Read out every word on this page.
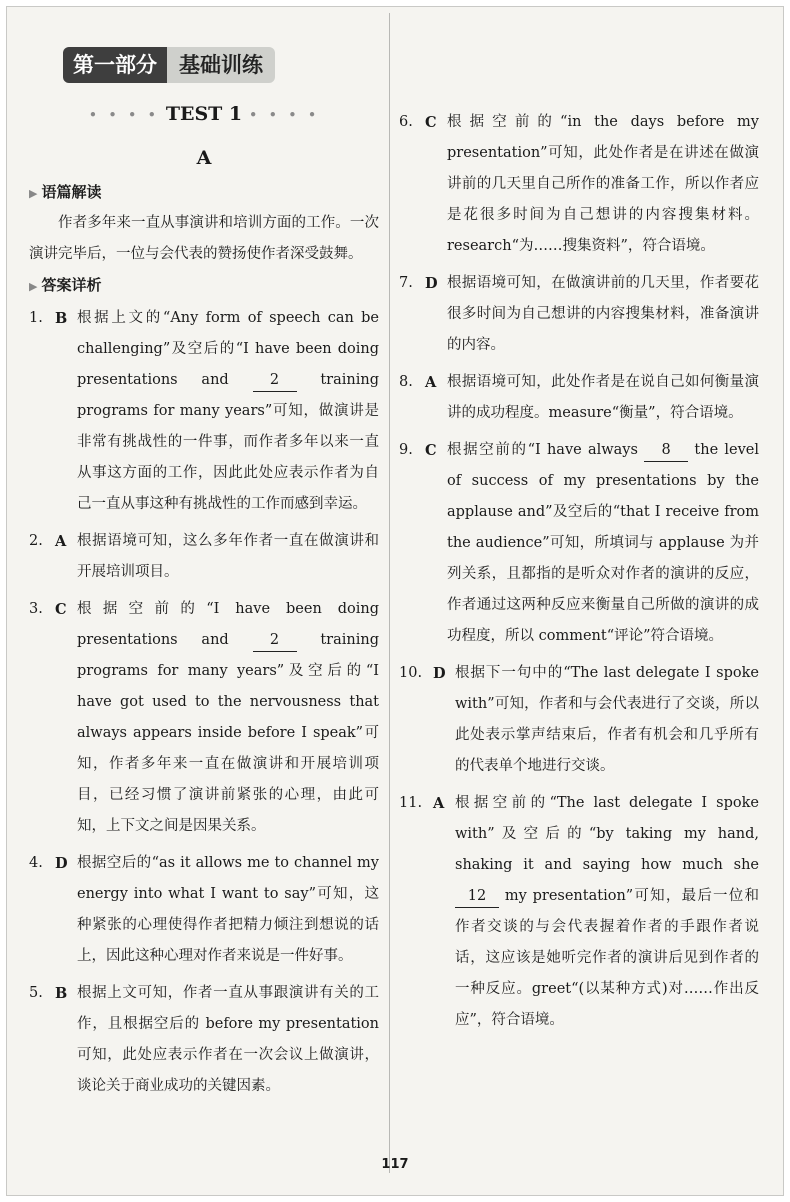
第一部分	基础训练
• • • • TEST 1 • • • •
A
▶ 语篇解读

作者多年来一直从事演讲和培训方面的工作。一次演讲完毕后，一位与会代表的赞扬使作者深受鼓舞。

▶ 答案详析
1. B 根据上文的“Any form of speech can be challenging”及空后的“I have been doing presentations and	2	training programs for many years”可知，做演讲是非常有挑战性的一件事，而作者多年以来一直从事这方面的工作，因此此处应表示作者为自己一直从事这种有挑战性的工作而感到幸运。
2. A 根据语境可知，这么多年作者一直在做演讲和开展培训项目。
3. C 根据空前的“I have been doing presentations and	2	training programs for many years”及空后的“I have got used to the nervousness that always appears inside before I speak”可知，作者多年来一直在做演讲和开展培训项目，已经习惯了演讲前紧张的心理，由此可知，上下文之间是因果关系。
4. D 根据空后的“as it allows me to channel my energy into what I want to say”可知，这种紧张的心理使得作者把精力倾注到想说的话上，因此这种心理对作者来说是一件好事。
5. B 根据上文可知，作者一直从事跟演讲有关的工作，且根据空后的 before my presentation 可知，此处应表示作者在一次会议上做演讲，谈论关于商业成功的关键因素。
6. C 根据空前的“in the days before my presentation”可知，此处作者是在讲述在做演讲前的几天里自己所作的准备工作，所以作者应是花很多时间为自己想讲的内容搜集材料。research“为……搜集资料”，符合语境。
7. D 根据语境可知，在做演讲前的几天里，作者要花很多时间为自己想讲的内容搜集材料，准备演讲的内容。
8. A 根据语境可知，此处作者是在说自己如何衡量演讲的成功程度。measure“衡量”，符合语境。
9. C 根据空前的“I have always 8 the level of success of my presentations by the applause and”及空后的“that I receive from the audience”可知，所填词与 applause 为并列关系，且都指的是听众对作者的演讲的反应，作者通过这两种反应来衡量自己所做的演讲的成功程度，所以 comment“评论”符合语境。
10. D 根据下一句中的“The last delegate I spoke with”可知，作者和与会代表进行了交谈，所以此处表示掌声结束后，作者有机会和几乎所有的代表单个地进行交谈。
11. A 根据空前的“The last delegate I spoke with”及空后的“by taking my hand, shaking it and saying how much she 12 my presentation”可知，最后一位和作者交谈的与会代表握着作者的手跟作者说话，这应该是她听完作者的演讲后见到作者的一种反应。greet“(以某种方式)对……作出反应”，符合语境。
117
